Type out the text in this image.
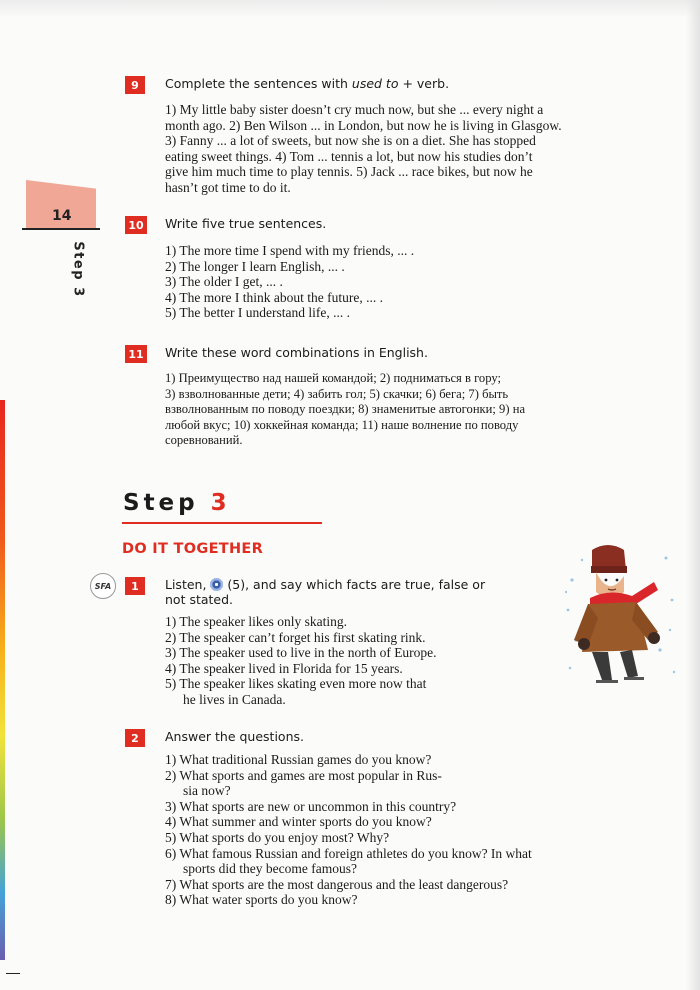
14
Step 3
9	Complete the sentences with used to + verb.
1) My little baby sister doesn’t cry much now, but she ... every night a
month ago. 2) Ben Wilson ... in London, but now he is living in Glasgow.
3) Fanny ... a lot of sweets, but now she is on a diet. She has stopped
eating sweet things. 4) Tom ... tennis a lot, but now his studies don’t
give him much time to play tennis. 5) Jack ... race bikes, but now he
hasn’t got time to do it.
10 Write five true sentences.
1) The more time I spend with my friends, ... .
2) The longer I learn English, ... .
3) The older I get, ... .
4) The more I think about the future, ... .
5) The better I understand life, ... .
11 Write these word combinations in English.
1) Преимущество над нашей командой; 2) подниматься в гору;
3) взволнованные дети; 4) забить гол; 5) скачки; 6) бега; 7) быть
взволнованным по поводу поездки; 8) знаменитые автогонки; 9) на
любой вкус; 10) хоккейная команда; 11) наше волнение по поводу
соревнований.
Step 3
DO IT TOGETHER
SFA	1	Listen, (5), and say which facts are true, false or
not stated.
1) The speaker likes only skating.
2) The speaker can’t forget his first skating rink.
3) The speaker used to live in the north of Europe.
4) The speaker lived in Florida for 15 years.
5) The speaker likes skating even more now that
he lives in Canada.
2	Answer the questions.
1) What traditional Russian games do you know?
2) What sports and games are most popular in Rus-
sia now?
3) What sports are new or uncommon in this country?
4) What summer and winter sports do you know?
5) What sports do you enjoy most? Why?
6) What famous Russian and foreign athletes do you know? In what
sports did they become famous?
7) What sports are the most dangerous and the least dangerous?
8) What water sports do you know?
